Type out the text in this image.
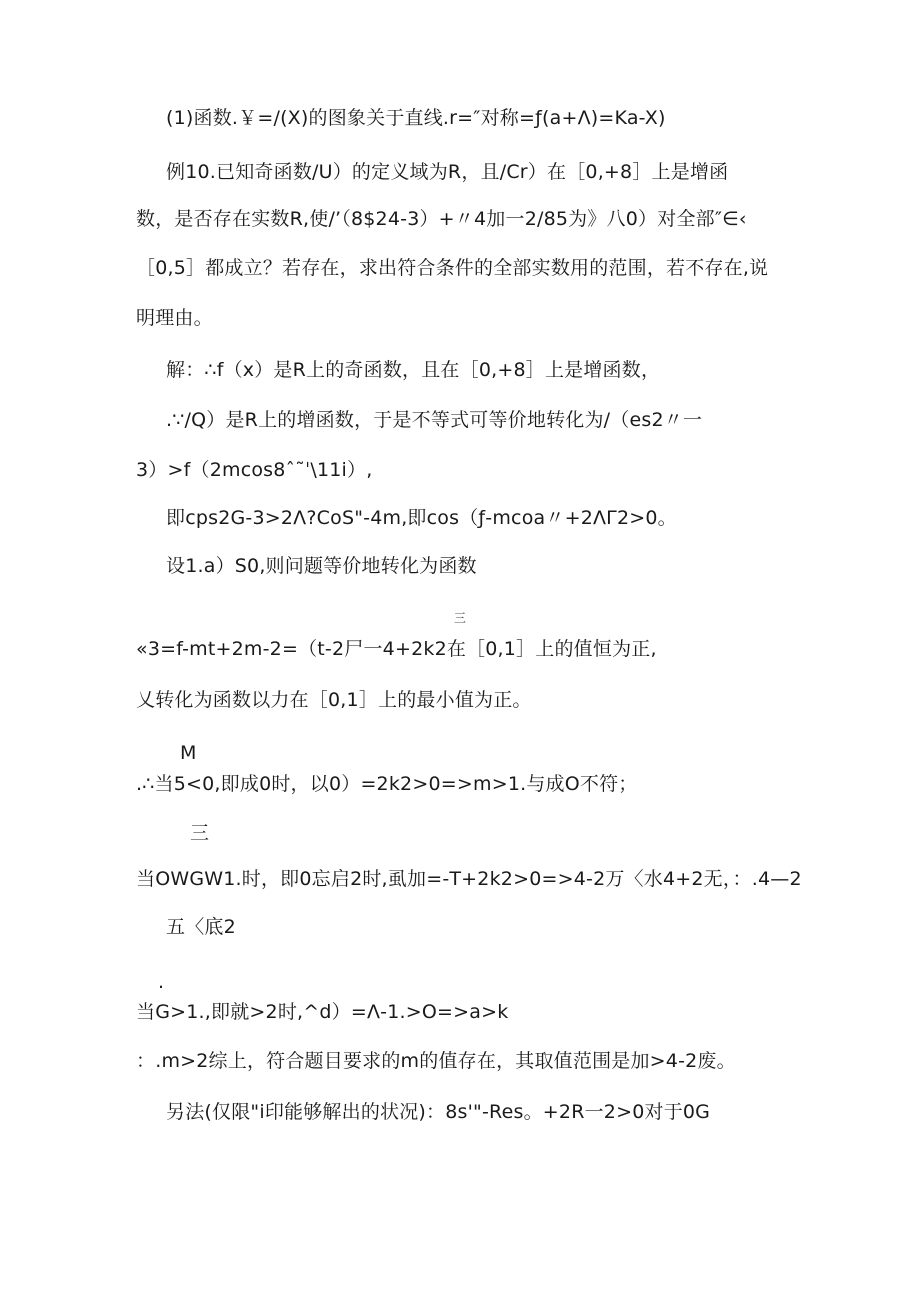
(1)函数.￥=/(X)的图象关于直线.r=″对称=ƒ(a+Λ)=Ka-X)
例10.已知奇函数/U）的定义域为R，且/Cr）在［0,+8］上是增函
数，是否存在实数R,使/’（8$24-3）+〃4加一2/85为》八0）对全部″∈‹
［0,5］都成立？若存在，求出符合条件的全部实数用的范围，若不存在,说
明理由。
解：∴f（x）是R上的奇函数，且在［0,+8］上是增函数，
.∵/Q）是R上的增函数，于是不等式可等价地转化为/（es2〃一
3）>f（2mcos8ˆ˜ˈ\11i）,
即cps2G-3>2Λ?CoS"-4m,即cos（ƒ-mcoa〃+2ΛΓ2>0。
设1.a）S0,则问题等价地转化为函数
三
«3=f-mt+2m-2=（t-2尸一4+2k2在［0,1］上的值恒为正,
乂转化为函数以力在［0,1］上的最小值为正。
M
.∴当5<0,即成0时，以0）=2k2>0=>m>1.与成O不符；
三
当OWGW1.时，即0忘启2时,虱加=-T+2k2>0=>4-2万〈水4+2无，：.4—2
五〈底2
.
当G>1.,即就>2时,^d）=Λ-1.>O=>a>k
：.m>2综上，符合题目要求的m的值存在，其取值范围是加>4-2废。
另法(仅限"i印能够解出的状况)：8s'"-Res。+2R一2>0对于0G
